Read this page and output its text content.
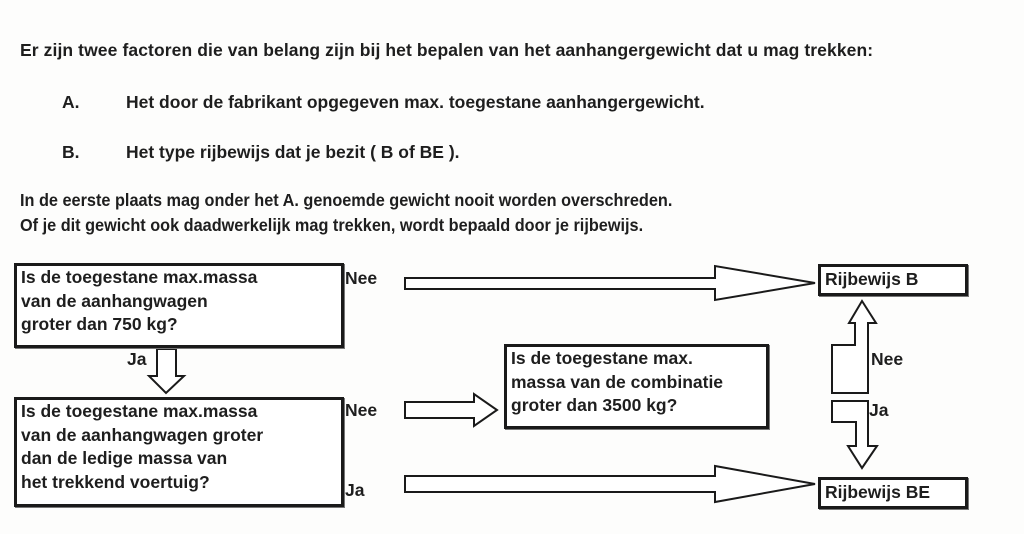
Er zijn twee factoren die van belang zijn bij het bepalen van het aanhangergewicht dat u mag trekken:
A.	Het door de fabrikant opgegeven max. toegestane aanhangergewicht.
B.	Het type rijbewijs dat je bezit ( B of BE ).
In de eerste plaats mag onder het A. genoemde gewicht nooit worden overschreden.
Of je dit gewicht ook daadwerkelijk mag trekken, wordt bepaald door je rijbewijs.
Is de toegestane max.massa
van de aanhangwagen
groter dan 750 kg?
Nee
Ja
Is de toegestane max.massa
van de aanhangwagen groter
dan de ledige massa van
het trekkend voertuig?
Nee
Ja
Is de toegestane max.
massa van de combinatie
groter dan 3500 kg?
Nee
Ja
Rijbewijs B
Rijbewijs BE
